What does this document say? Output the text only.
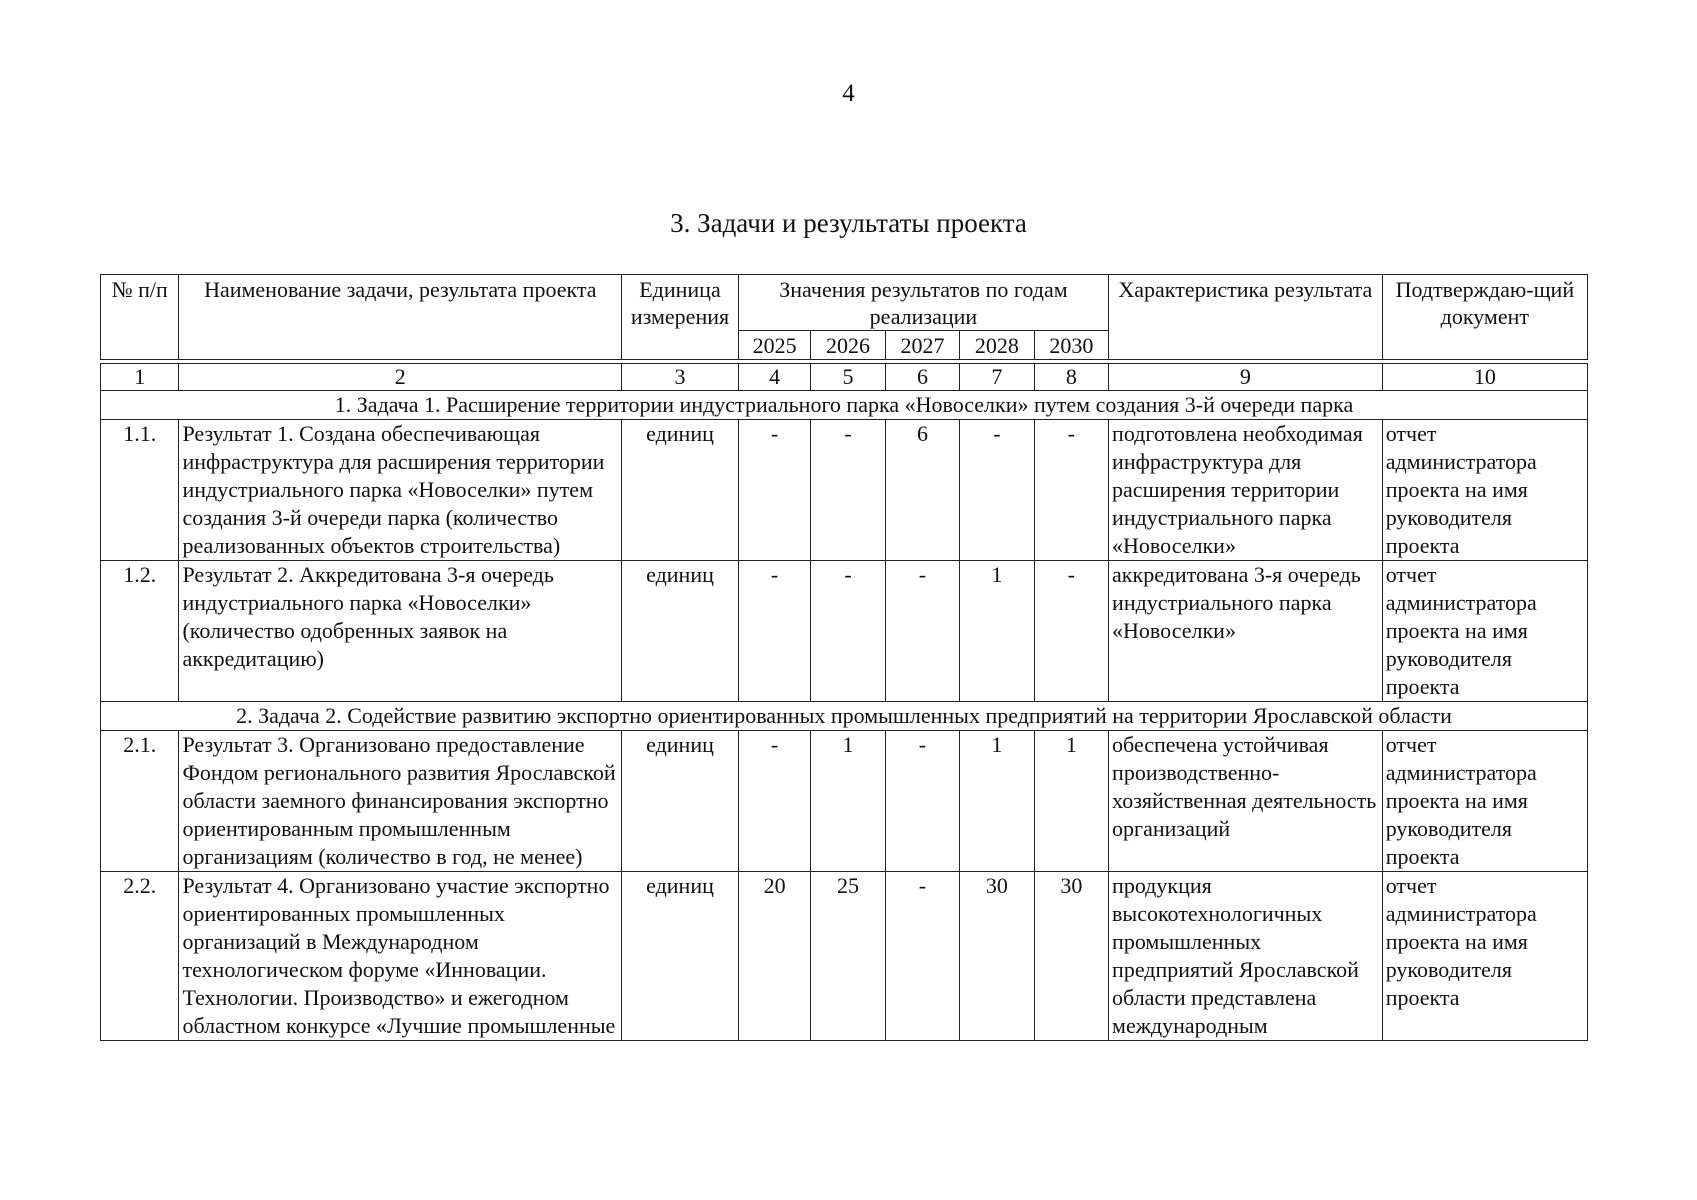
4
3. Задачи и результаты проекта
№ п/п	Наименование задачи, результата проекта	Единица измерения	Значения результатов по годам реализации					Характеристика результата	Подтверждаю-щий документ
			2025	2026	2027	2028	2030		

1	2	3	4	5	6	7	8	9	10
1. Задача 1. Расширение территории индустриального парка «Новоселки» путем создания 3-й очереди парка									
1.1.	Результат 1. Создана обеспечивающая инфраструктура для расширения территории индустриального парка «Новоселки» путем создания 3-й очереди парка (количество реализованных объектов строительства)	единиц	-	-	6	-	-	подготовлена необходимая инфраструктура для расширения территории индустриального парка «Новоселки»	отчет администратора проекта на имя руководителя проекта
1.2.	Результат 2. Аккредитована 3-я очередь индустриального парка «Новоселки» (количество одобренных заявок на аккредитацию)	единиц	-	-	-	1	-	аккредитована 3-я очередь индустриального парка «Новоселки»	отчет администратора проекта на имя руководителя проекта
2. Задача 2. Содействие развитию экспортно ориентированных промышленных предприятий на территории Ярославской области									
2.1.	Результат 3. Организовано предоставление Фондом регионального развития Ярославской области заемного финансирования экспортно ориентированным промышленным организациям (количество в год, не менее)	единиц	-	1	-	1	1	обеспечена устойчивая производственно-хозяйственная деятельность организаций	отчет администратора проекта на имя руководителя проекта
2.2.	Результат 4. Организовано участие экспортно ориентированных промышленных организаций в Международном технологическом форуме «Инновации. Технологии. Производство» и ежегодном областном конкурсе «Лучшие промышленные	единиц	20	25	-	30	30	продукция высокотехнологичных промышленных предприятий Ярославской области представлена международным	отчет администратора проекта на имя руководителя проекта
